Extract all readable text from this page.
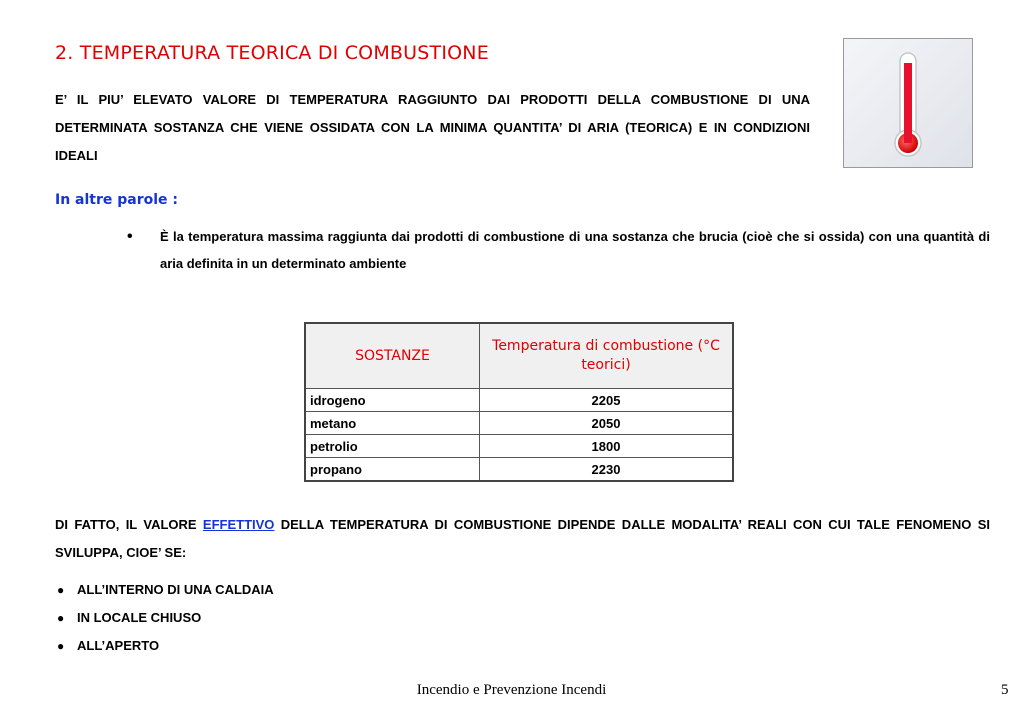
2. TEMPERATURA TEORICA DI COMBUSTIONE

E’ IL PIU’ ELEVATO VALORE DI TEMPERATURA RAGGIUNTO DAI PRODOTTI DELLA COMBUSTIONE DI UNA DETERMINATA SOSTANZA CHE VIENE OSSIDATA CON LA MINIMA QUANTITA’ DI ARIA (TEORICA) E IN CONDIZIONI IDEALI

In altre parole :
• È la temperatura massima raggiunta dai prodotti di combustione di una sostanza che brucia (cioè che si ossida) con una quantità di aria definita in un determinato ambiente

SOSTANZE	Temperatura di combustione (°C teorici)
idrogeno	2205
metano	2050
petrolio	1800
propano	2230

DI FATTO, IL VALORE EFFETTIVO DELLA TEMPERATURA DI COMBUSTIONE DIPENDE DALLE MODALITA’ REALI CON CUI TALE FENOMENO SI SVILUPPA, CIOE’ SE:

● ALL’INTERNO DI UNA CALDAIA
● IN LOCALE CHIUSO
● ALL’APERTO
Incendio e Prevenzione Incendi	5
